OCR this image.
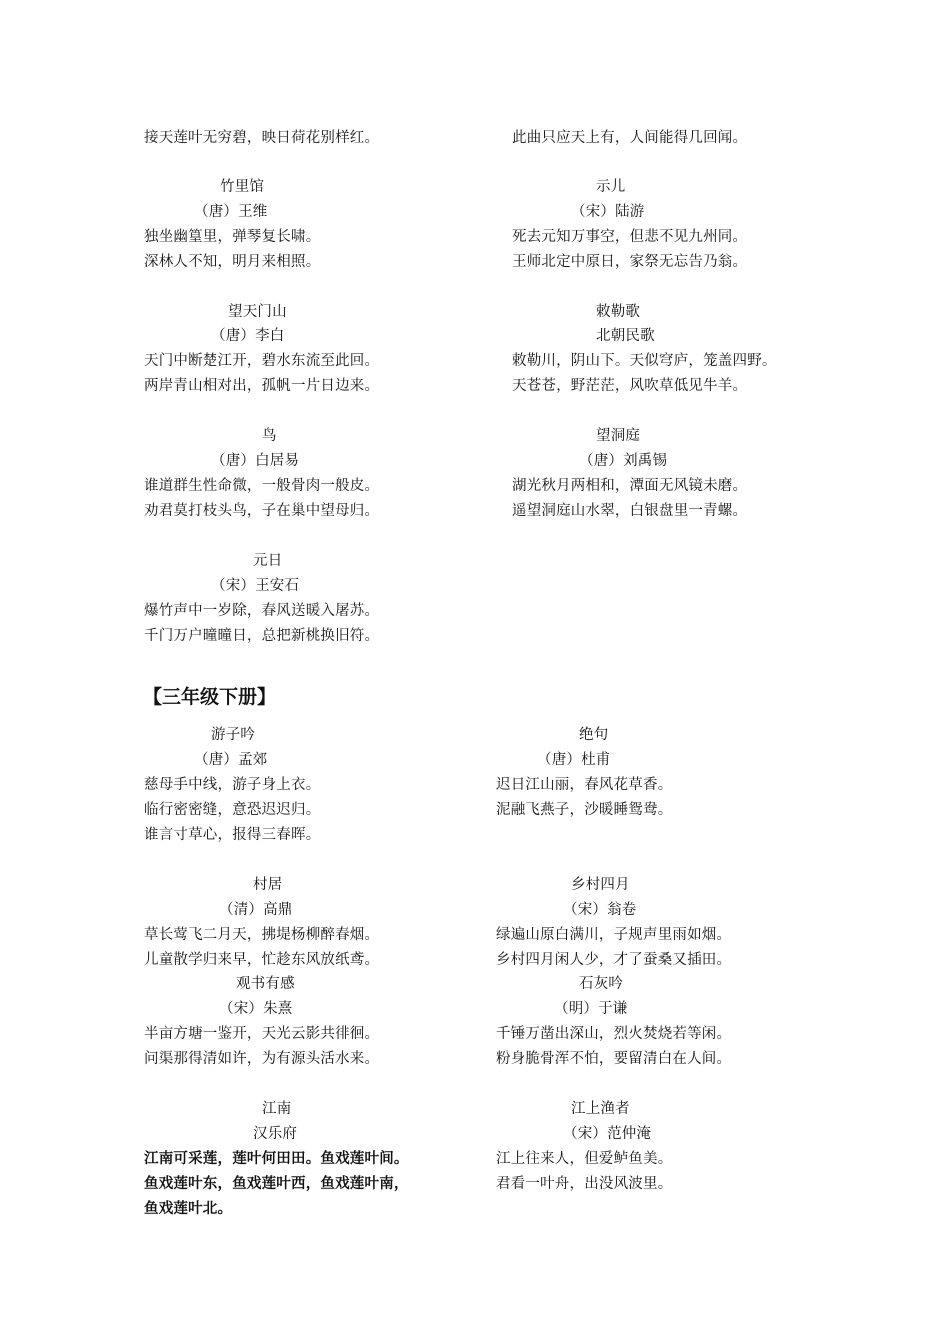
接天莲叶无穷碧，映日荷花别样红。	此曲只应天上有，人间能得几回闻。
竹里馆
（唐）王维
独坐幽篁里，弹琴复长啸。
深林人不知，明月来相照。
望天门山
（唐）李白
天门中断楚江开，碧水东流至此回。
两岸青山相对出，孤帆一片日边来。
鸟
（唐）白居易
谁道群生性命微，一般骨肉一般皮。
劝君莫打枝头鸟，子在巢中望母归。
元日
（宋）王安石
爆竹声中一岁除，春风送暖入屠苏。
千门万户曈曈日，总把新桃换旧符。
示儿
（宋）陆游
死去元知万事空，但悲不见九州同。
王师北定中原日，家祭无忘告乃翁。
敕勒歌
北朝民歌
敕勒川，阴山下。天似穹庐，笼盖四野。
天苍苍，野茫茫，风吹草低见牛羊。
望洞庭
（唐）刘禹锡
湖光秋月两相和，潭面无风镜未磨。
遥望洞庭山水翠，白银盘里一青螺。
【三年级下册】
游子吟
（唐）孟郊
慈母手中线，游子身上衣。
临行密密缝，意恐迟迟归。
谁言寸草心，报得三春晖。
村居
（清）高鼎
草长莺飞二月天，拂堤杨柳醉春烟。
儿童散学归来早，忙趁东风放纸鸢。
观书有感
（宋）朱熹
半亩方塘一鉴开，天光云影共徘徊。
问渠那得清如许，为有源头活水来。
江南
汉乐府
江南可采莲，莲叶何田田。鱼戏莲叶间。
鱼戏莲叶东，鱼戏莲叶西，鱼戏莲叶南，
鱼戏莲叶北。
绝句
（唐）杜甫
迟日江山丽，春风花草香。
泥融飞燕子，沙暖睡鸳鸯。
乡村四月
（宋）翁卷
绿遍山原白满川，子规声里雨如烟。
乡村四月闲人少，才了蚕桑又插田。
石灰吟
（明）于谦
千锤万凿出深山，烈火焚烧若等闲。
粉身脆骨浑不怕，要留清白在人间。
江上渔者
（宋）范仲淹
江上往来人，但爱鲈鱼美。
君看一叶舟，出没风波里。
